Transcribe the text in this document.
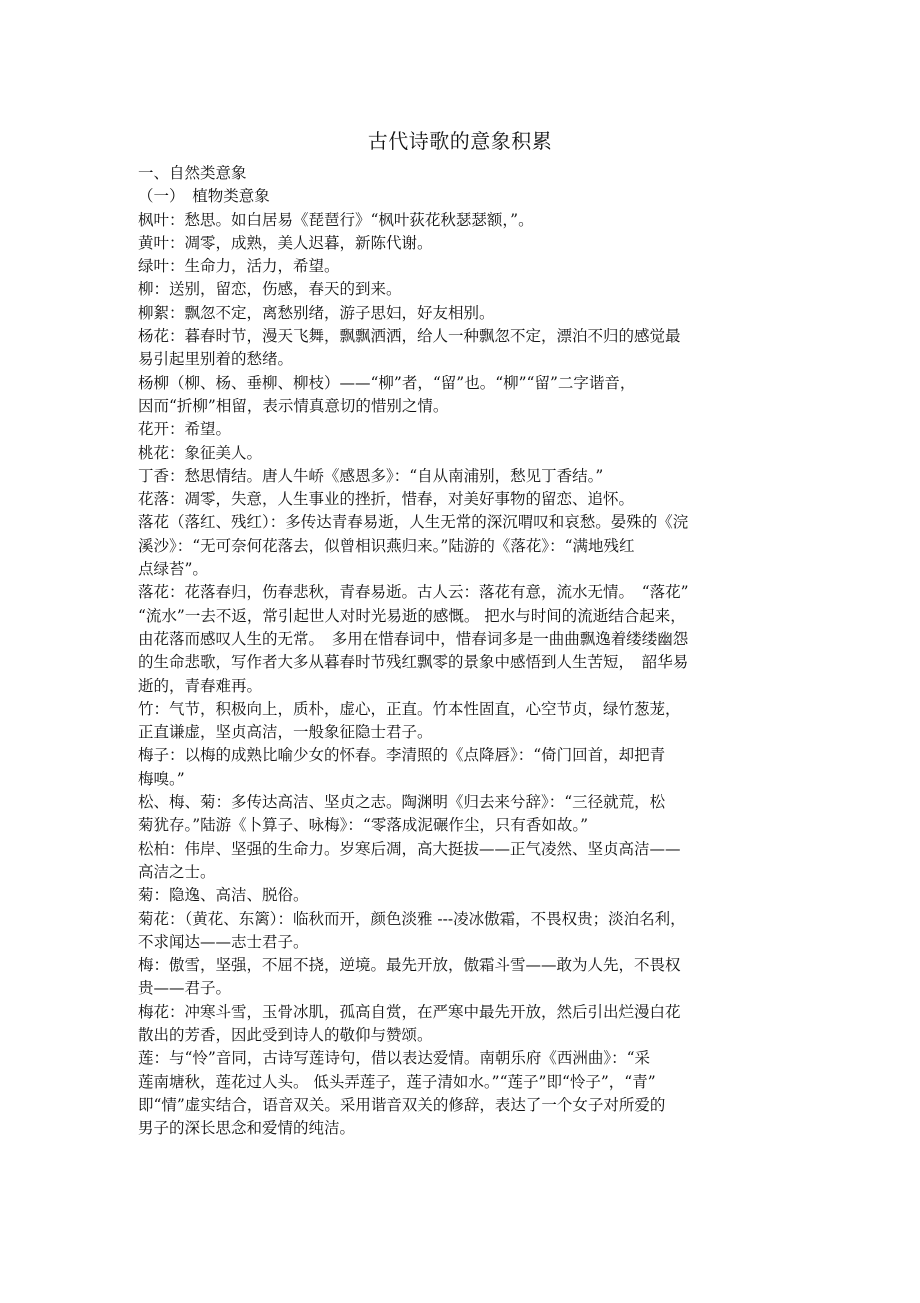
古代诗歌的意象积累
一、自然类意象
（一）　植物类意象
枫叶：愁思。如白居易《琵琶行》“枫叶荻花秋瑟瑟额，”。
黄叶：凋零，成熟，美人迟暮，新陈代谢。
绿叶：生命力，活力，希望。
柳：送别，留恋，伤感，春天的到来。
柳絮：飘忽不定，离愁别绪，游子思妇，好友相别。
杨花：暮春时节，漫天飞舞，飘飘洒洒，给人一种飘忽不定，漂泊不归的感觉最
易引起里别着的愁绪。
杨柳（柳、杨、垂柳、柳枝）——“柳”者，“留”也。“柳”“留”二字谐音，
因而“折柳”相留，表示情真意切的惜别之情。
花开：希望。
桃花：象征美人。
丁香：愁思情结。唐人牛峤《感恩多》：“自从南浦别，愁见丁香结。”
花落：凋零，失意，人生事业的挫折，惜春，对美好事物的留恋、追怀。
落花（落红、残红）：多传达青春易逝，人生无常的深沉喟叹和哀愁。晏殊的《浣
溪沙》：“无可奈何花落去，似曾相识燕归来。”陆游的《落花》：“满地残红
点绿苔”。
落花：花落春归，伤春悲秋，青春易逝。古人云：落花有意，流水无情。　“落花”
“流水”一去不返，常引起世人对时光易逝的感慨。 把水与时间的流逝结合起来，
由花落而感叹人生的无常。　多用在惜春词中，惜春词多是一曲曲飘逸着缕缕幽怨
的生命悲歌，写作者大多从暮春时节残红飘零的景象中感悟到人生苦短，　韶华易
逝的，青春难再。
竹：气节，积极向上，质朴，虚心，正直。竹本性固直，心空节贞，绿竹葱茏，
正直谦虚，坚贞高洁，一般象征隐士君子。
梅子：以梅的成熟比喻少女的怀春。李清照的《点降唇》：“倚门回首，却把青
梅嗅。”
松、梅、菊：多传达高洁、坚贞之志。陶渊明《归去来兮辞》：“三径就荒，松
菊犹存。”陆游《卜算子、咏梅》：“零落成泥碾作尘，只有香如故。”
松柏：伟岸、坚强的生命力。岁寒后凋，高大挺拔——正气凌然、坚贞高洁——
高洁之士。
菊：隐逸、高洁、脱俗。
菊花：（黄花、东篱）：临秋而开，颜色淡雅 ---凌冰傲霜，不畏权贵；淡泊名利，
不求闻达——志士君子。
梅：傲雪，坚强，不屈不挠，逆境。最先开放，傲霜斗雪——敢为人先，不畏权
贵——君子。
梅花：冲寒斗雪，玉骨冰肌，孤高自赏，在严寒中最先开放，然后引出烂漫白花
散出的芳香，因此受到诗人的敬仰与赞颂。
莲：与“怜”音同，古诗写莲诗句，借以表达爱情。南朝乐府《西洲曲》：“采
莲南塘秋，莲花过人头。 低头弄莲子，莲子清如水。”“莲子”即“怜子”，“青”
即“情”虚实结合，语音双关。采用谐音双关的修辞，表达了一个女子对所爱的
男子的深长思念和爱情的纯洁。
